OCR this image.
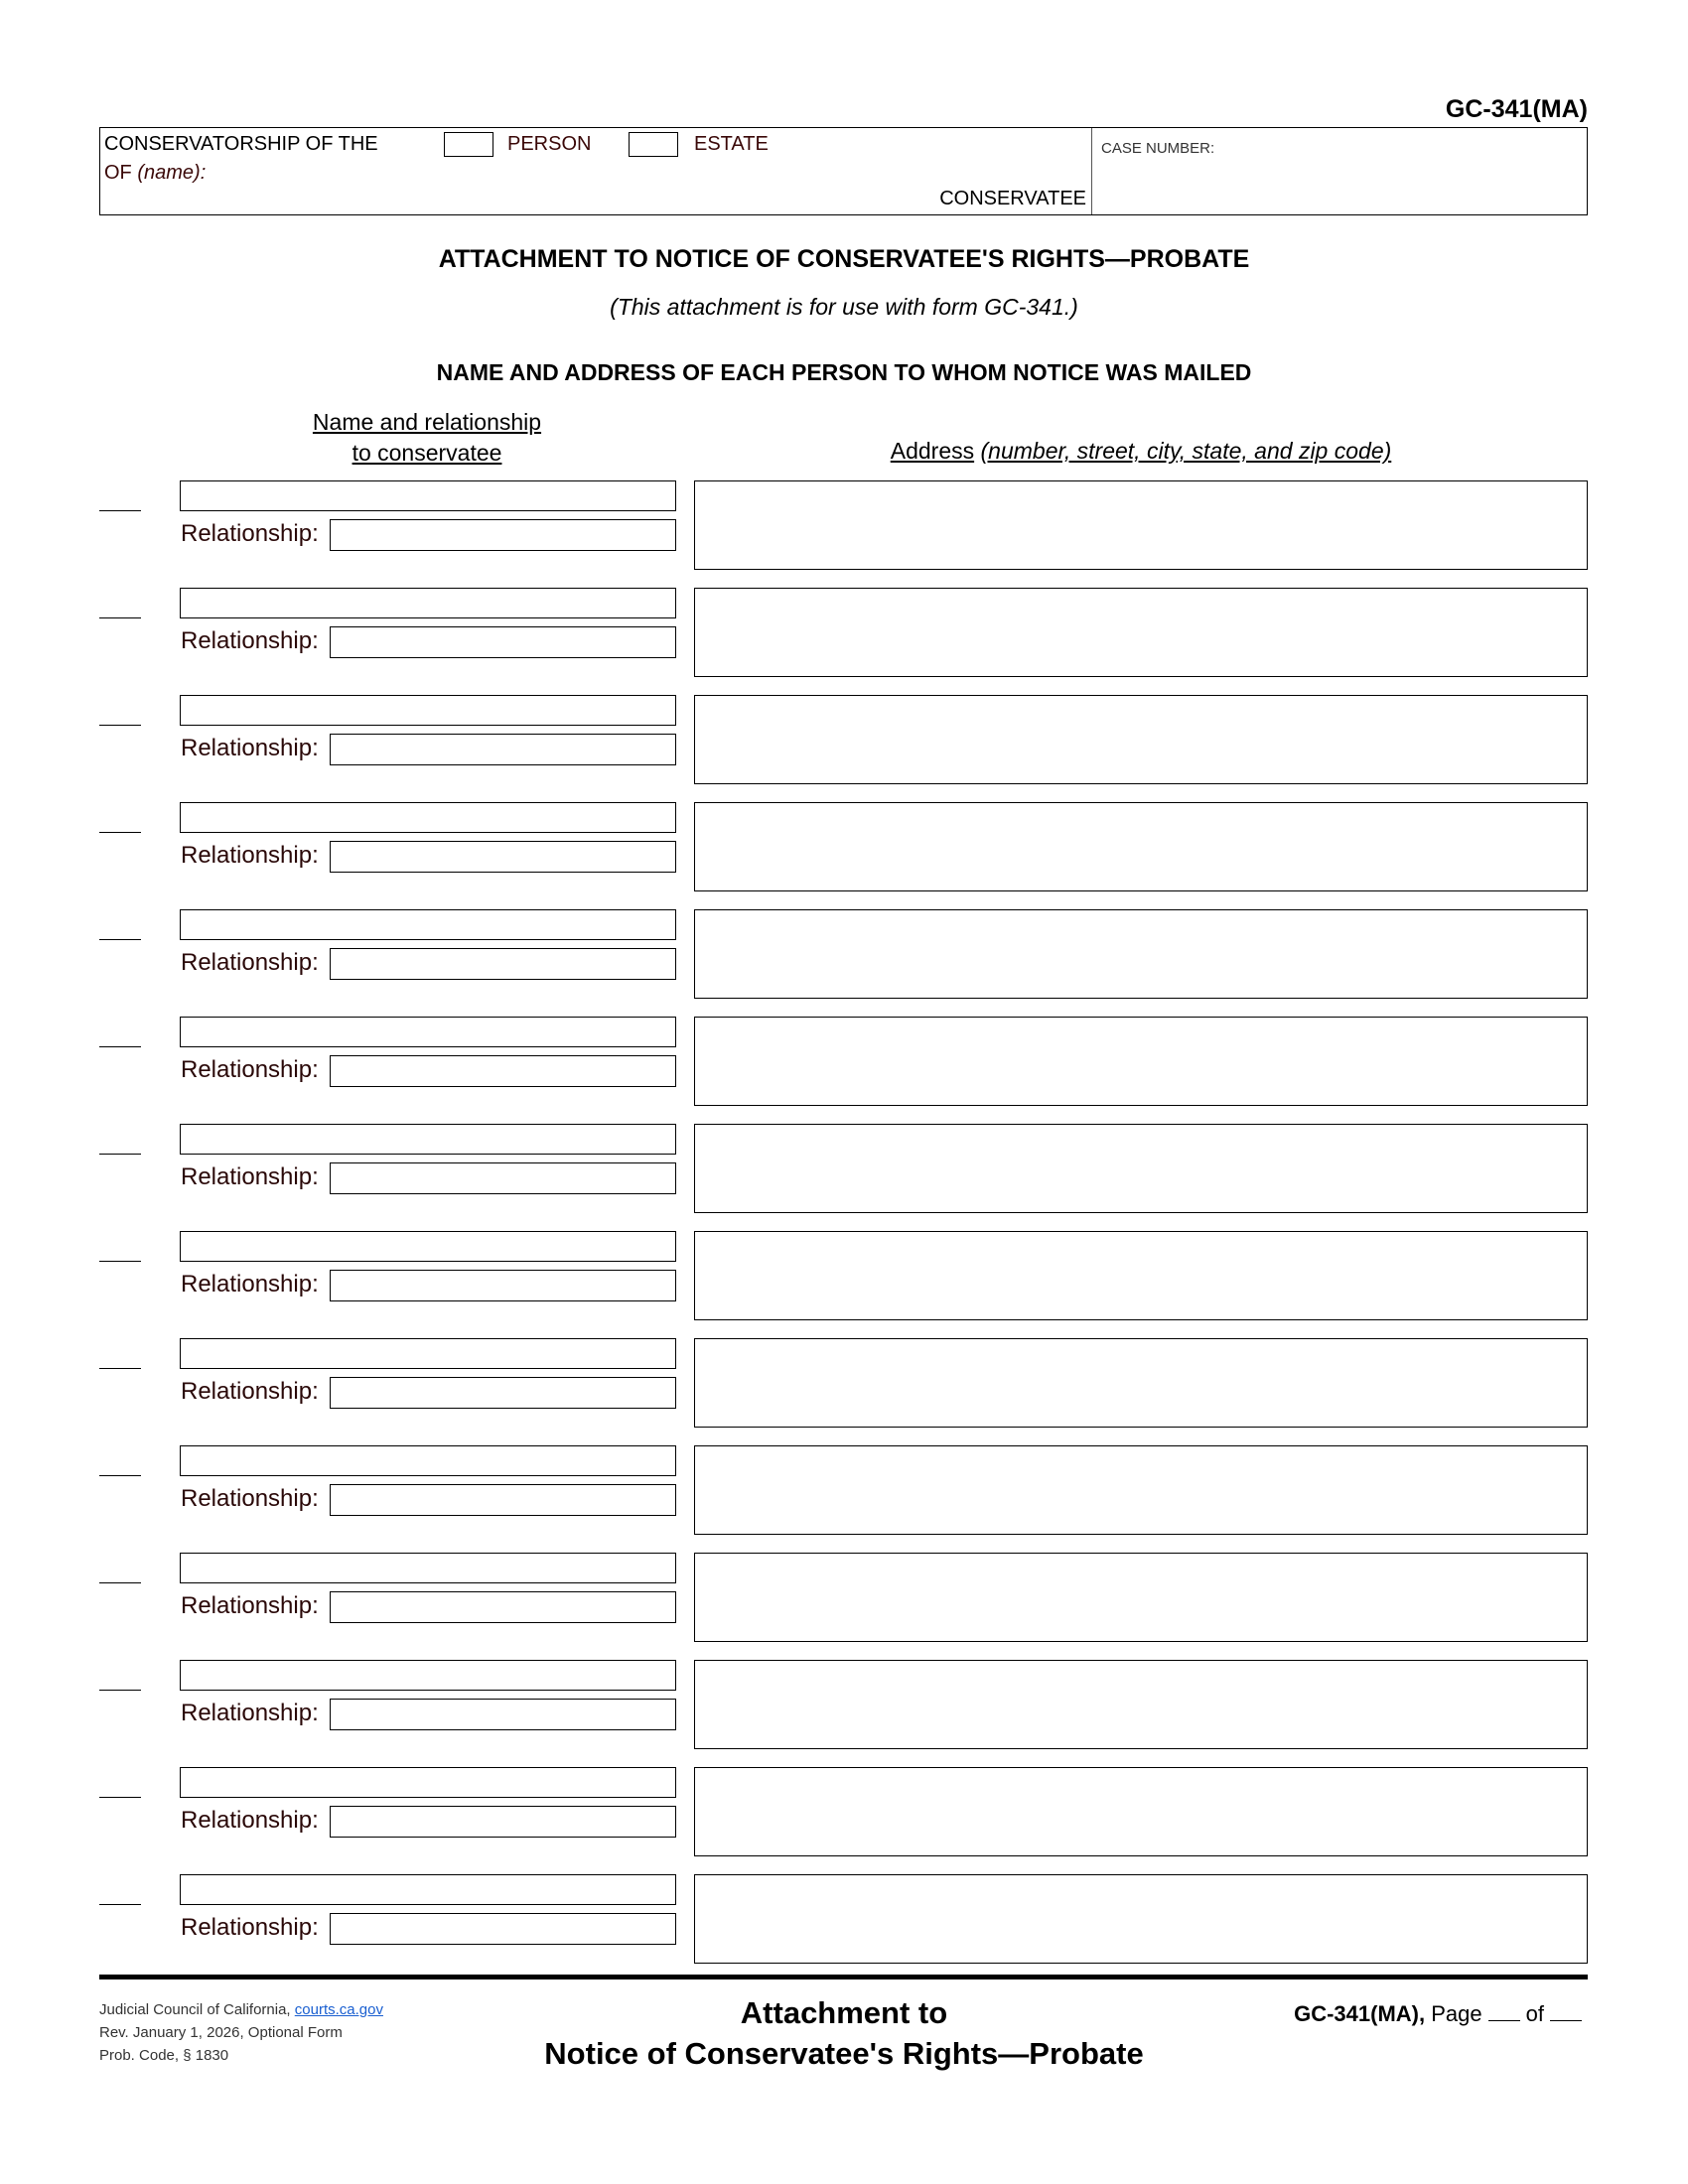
GC-341(MA)
CONSERVATORSHIP OF THE	PERSON	ESTATE
OF (name):
CONSERVATEE
CASE NUMBER:
ATTACHMENT TO NOTICE OF CONSERVATEE'S RIGHTS—PROBATE
(This attachment is for use with form GC-341.)
NAME AND ADDRESS OF EACH PERSON TO WHOM NOTICE WAS MAILED
Name and relationship
to conservatee	Address (number, street, city, state, and zip code)
Relationship:
Relationship:
Relationship:
Relationship:
Relationship:
Relationship:
Relationship:
Relationship:
Relationship:
Relationship:
Relationship:
Relationship:
Relationship:
Relationship:
Judicial Council of California, courts.ca.gov
Rev. January 1, 2026, Optional Form
Prob. Code, § 1830
Attachment to
Notice of Conservatee's Rights—Probate
GC-341(MA), Page of
